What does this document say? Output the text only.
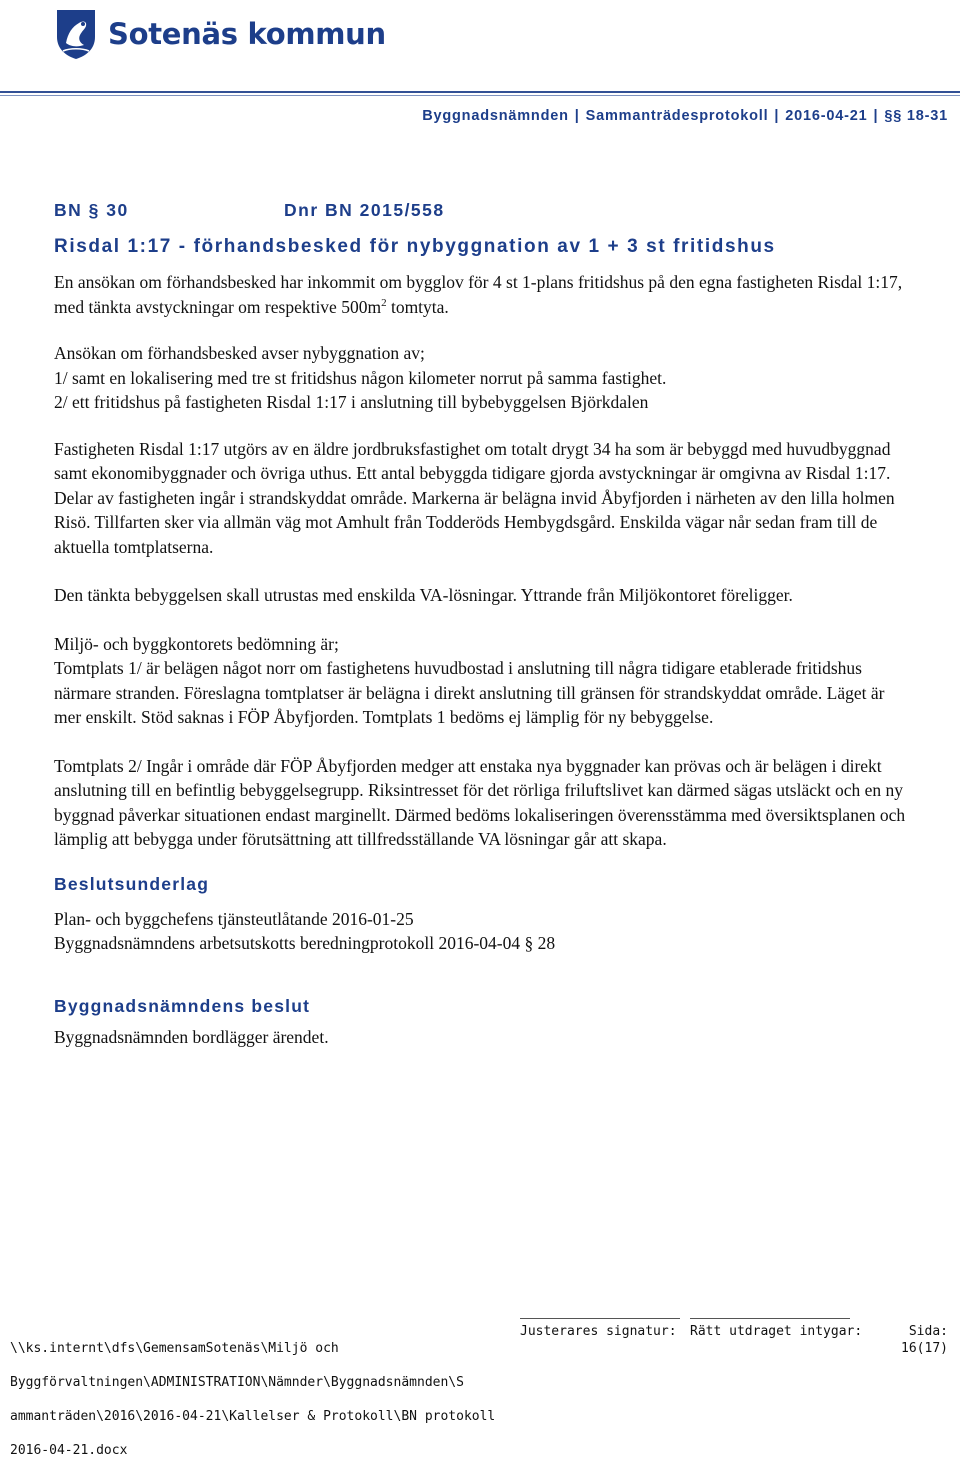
Sotenäs kommun
Byggnadsnämnden | Sammanträdesprotokoll | 2016-04-21 | §§ 18-31
BN § 30	Dnr BN 2015/558
Risdal 1:17 - förhandsbesked för nybyggnation av 1 + 3 st fritidshus

En ansökan om förhandsbesked har inkommit om bygglov för 4 st 1-plans fritidshus på den egna fastigheten Risdal 1:17, med tänkta avstyckningar om respektive $500m^2$ tomtyta.

Ansökan om förhandsbesked avser nybyggnation av;

1/ samt en lokalisering med tre st fritidshus någon kilometer norrut på samma fastighet.

2/ ett fritidshus på fastigheten Risdal 1:17 i anslutning till bybebyggelsen Björkdalen

Fastigheten Risdal 1:17 utgörs av en äldre jordbruksfastighet om totalt drygt 34 ha som är bebyggd med huvudbyggnad samt ekonomibyggnader och övriga uthus. Ett antal bebyggda tidigare gjorda avstyckningar är omgivna av Risdal 1:17. Delar av fastigheten ingår i strandskyddat område. Markerna är belägna invid Åbyfjorden i närheten av den lilla holmen Risö. Tillfarten sker via allmän väg mot Amhult från Todderöds Hembygdsgård. Enskilda vägar når sedan fram till de aktuella tomtplatserna.

Den tänkta bebyggelsen skall utrustas med enskilda VA-lösningar. Yttrande från Miljökontoret föreligger.

Miljö- och byggkontorets bedömning är;

Tomtplats 1/ är belägen något norr om fastighetens huvudbostad i anslutning till några tidigare etablerade fritidshus närmare stranden. Föreslagna tomtplatser är belägna i direkt anslutning till gränsen för strandskyddat område. Läget är mer enskilt. Stöd saknas i FÖP Åbyfjorden. Tomtplats 1 bedöms ej lämplig för ny bebyggelse.

Tomtplats 2/ Ingår i område där FÖP Åbyfjorden medger att enstaka nya byggnader kan prövas och är belägen i direkt anslutning till en befintlig bebyggelsegrupp. Riksintresset för det rörliga friluftslivet kan därmed sägas utsläckt och en ny byggnad påverkar situationen endast marginellt. Därmed bedöms lokaliseringen överensstämma med översiktsplanen och lämplig att bebygga under förutsättning att tillfredsställande VA lösningar går att skapa.

Beslutsunderlag

Plan- och byggchefens tjänsteutlåtande 2016-01-25

Byggnadsnämndens arbetsutskotts beredningprotokoll 2016-04-04 § 28

Byggnadsnämndens beslut

Byggnadsnämnden bordlägger ärendet.

\\ks.internt\dfs\GemensamSotenäs\Miljö och

Byggförvaltningen\ADMINISTRATION\Nämnder\Byggnadsnämnden\S

ammanträden\2016\2016-04-21\Kallelser & Protokoll\BN protokoll

2016-04-21.docx

Justerares signatur: Rätt utdraget intygar:	Sida:
16(17)
